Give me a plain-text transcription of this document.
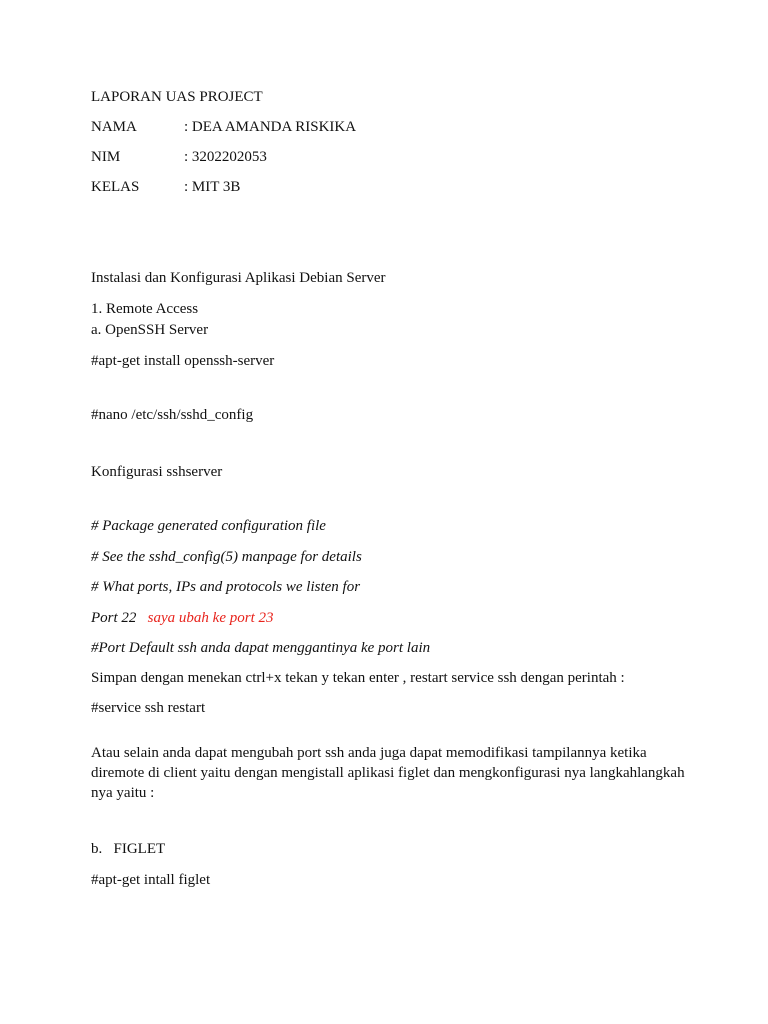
LAPORAN UAS PROJECT
NAMA	: DEA AMANDA RISKIKA
NIM	: 3202202053
KELAS	: MIT 3B
Instalasi dan Konfigurasi Aplikasi Debian Server
1. Remote Access
a. OpenSSH Server
#apt-get install openssh-server
#nano /etc/ssh/sshd_config
Konfigurasi sshserver
# Package generated configuration file
# See the sshd_config(5) manpage for details
# What ports, IPs and protocols we listen for
Port 22 saya ubah ke port 23
#Port Default ssh anda dapat menggantinya ke port lain
Simpan dengan menekan ctrl+x tekan y tekan enter , restart service ssh dengan perintah :
#service ssh restart
Atau selain anda dapat mengubah port ssh anda juga dapat memodifikasi tampilannya ketika diremote di client yaitu dengan mengistall aplikasi figlet dan mengkonfigurasi nya langkahlangkah nya yaitu :
b. FIGLET
#apt-get intall figlet
